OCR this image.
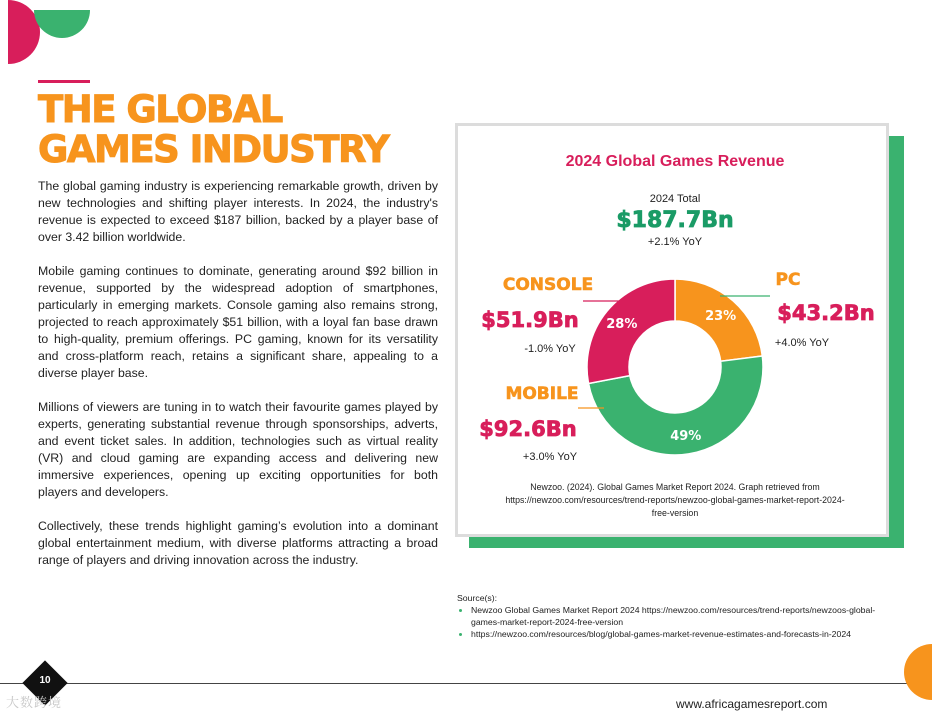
THE GLOBAL
GAMES INDUSTRY

The global gaming industry is experiencing remarkable growth, driven by new technologies and shifting player interests. In 2024, the industry's revenue is expected to exceed $187 billion, backed by a player base of over 3.42 billion worldwide.

Mobile gaming continues to dominate, generating around $92 billion in revenue, supported by the widespread adoption of smartphones, particularly in emerging markets. Console gaming also remains strong, projected to reach approximately $51 billion, with a loyal fan base drawn to high-quality, premium offerings. PC gaming, known for its versatility and cross-platform reach, retains a significant share, appealing to a diverse player base.

Millions of viewers are tuning in to watch their favourite games played by experts, generating substantial revenue through sponsorships, adverts, and event ticket sales. In addition, technologies such as virtual reality (VR) and cloud gaming are expanding access and delivering new immersive experiences, opening up exciting opportunities for both players and developers.

Collectively, these trends highlight gaming’s evolution into a dominant global entertainment medium, with diverse platforms attracting a broad range of players and driving innovation across the industry.

2024 Global Games Revenue
2024 Total
$187.7Bn
+2.1% YoY
23%
49%
28%
CONSOLE
$51.9Bn
-1.0% YoY
PC
$43.2Bn
+4.0% YoY
MOBILE
$92.6Bn
+3.0% YoY
Newzoo. (2024). Global Games Market Report 2024. Graph retrieved from
https://newzoo.com/resources/trend-reports/newzoo-global-games-market-report-2024-
free-version
Source(s):
• Newzoo Global Games Market Report 2024 https://newzoo.com/resources/trend-reports/newzoos-global-games-market-report-2024-free-version
• https://newzoo.com/resources/blog/global-games-market-revenue-estimates-and-forecasts-in-2024
10
www.africagamesreport.com
大数跨境
